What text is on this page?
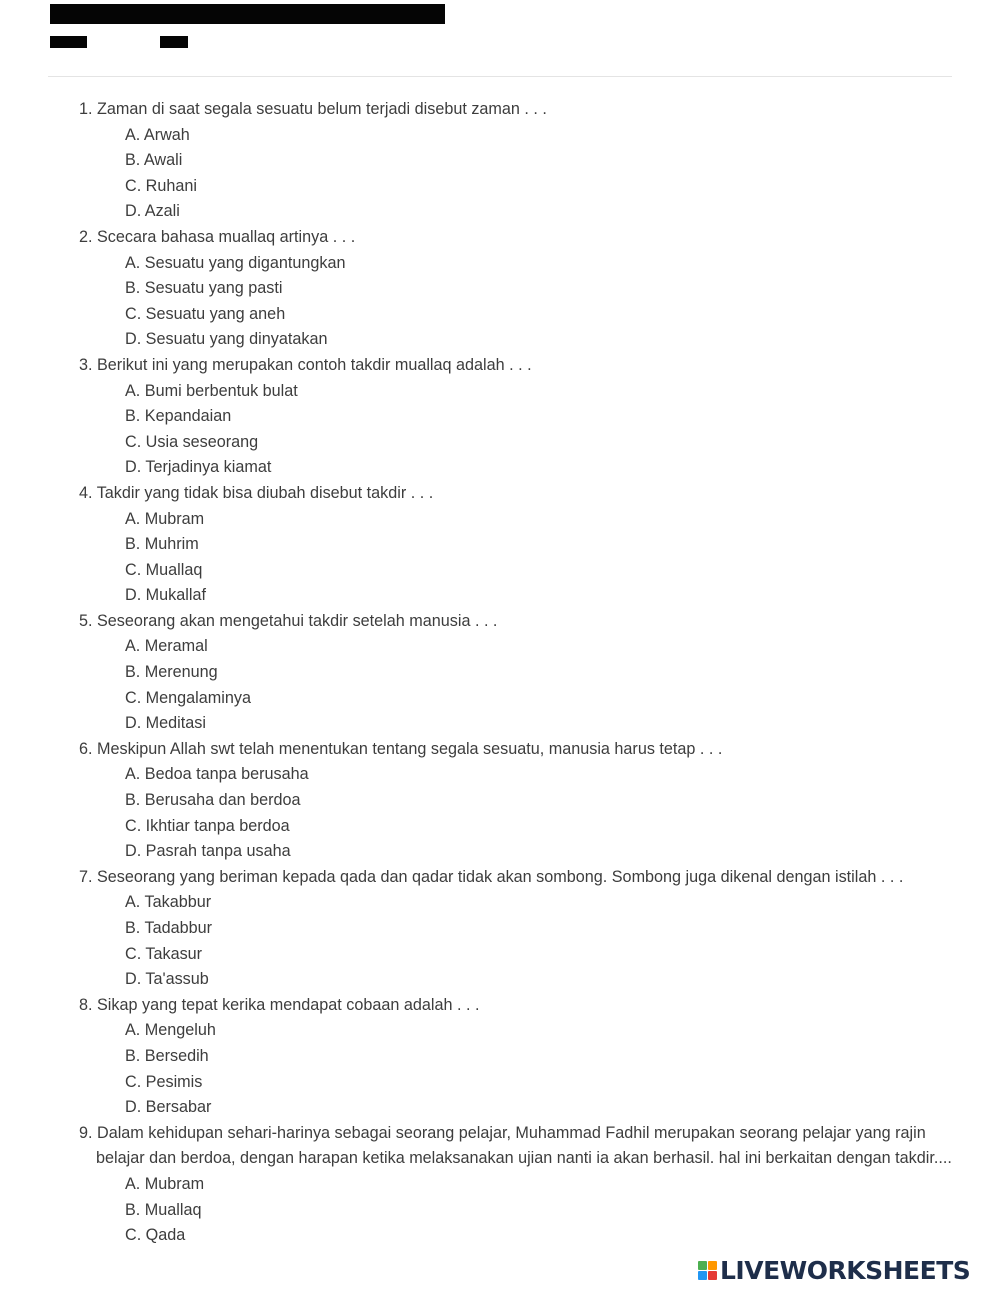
1. Zaman di saat segala sesuatu belum terjadi disebut zaman . . .
A. Arwah
B. Awali
C. Ruhani
D. Azali
2. Scecara bahasa muallaq artinya . . .
A. Sesuatu yang digantungkan
B. Sesuatu yang pasti
C. Sesuatu yang aneh
D. Sesuatu yang dinyatakan
3. Berikut ini yang merupakan contoh takdir muallaq adalah . . .
A. Bumi berbentuk bulat
B. Kepandaian
C. Usia seseorang
D. Terjadinya kiamat
4. Takdir yang tidak bisa diubah disebut takdir . . .
A. Mubram
B. Muhrim
C. Muallaq
D. Mukallaf
5. Seseorang akan mengetahui takdir setelah manusia . . .
A. Meramal
B. Merenung
C. Mengalaminya
D. Meditasi
6. Meskipun Allah swt telah menentukan tentang segala sesuatu, manusia harus tetap . . .
A. Bedoa tanpa berusaha
B. Berusaha dan berdoa
C. Ikhtiar tanpa berdoa
D. Pasrah tanpa usaha
7. Seseorang yang beriman kepada qada dan qadar tidak akan sombong. Sombong juga dikenal dengan istilah . . .
A. Takabbur
B. Tadabbur
C. Takasur
D. Ta'assub
8. Sikap yang tepat kerika mendapat cobaan adalah . . .
A. Mengeluh
B. Bersedih
C. Pesimis
D. Bersabar
9. Dalam kehidupan sehari-harinya sebagai seorang pelajar, Muhammad Fadhil merupakan seorang pelajar yang rajin belajar dan berdoa, dengan harapan ketika melaksanakan ujian nanti ia akan berhasil. hal ini berkaitan dengan takdir....
A. Mubram
B. Muallaq
C. Qada
LIVEWORKSHEETS
